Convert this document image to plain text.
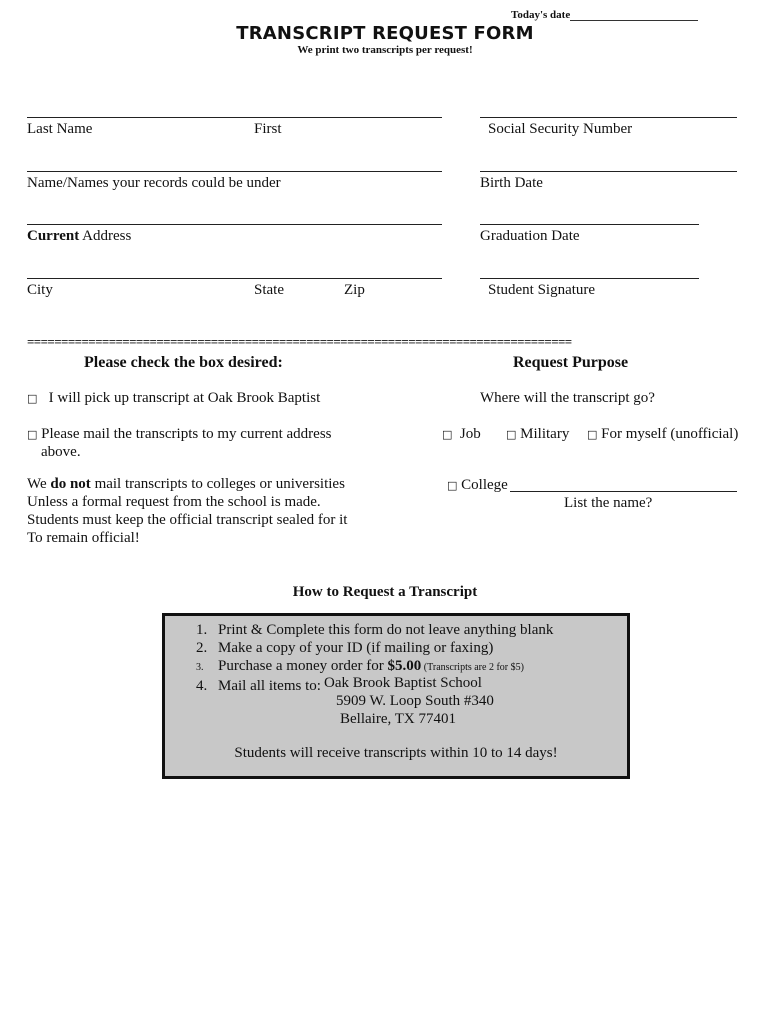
Today's date
TRANSCRIPT REQUEST FORM
We print two transcripts per request!
Last Name	First	Social Security Number
Name/Names your records could be under	Birth Date
Current Address	Graduation Date
City	State	Zip	Student Signature
================================================================================
Please check the box desired:
□ I will pick up transcript at Oak Brook Baptist
□ Please mail the transcripts to my current address
above.
We do not mail transcripts to colleges or universities
Unless a formal request from the school is made.
Students must keep the official transcript sealed for it
To remain official!
Request Purpose
Where will the transcript go?
□ Job □ Military □ For myself (unofficial)
□ College
List the name?
How to Request a Transcript
1. Print & Complete this form do not leave anything blank
2. Make a copy of your ID (if mailing or faxing)
3. Purchase a money order for $5.00 (Transcripts are 2 for $5)
4. Mail all items to: Oak Brook Baptist School
5909 W. Loop South #340
Bellaire, TX 77401
Students will receive transcripts within 10 to 14 days!
